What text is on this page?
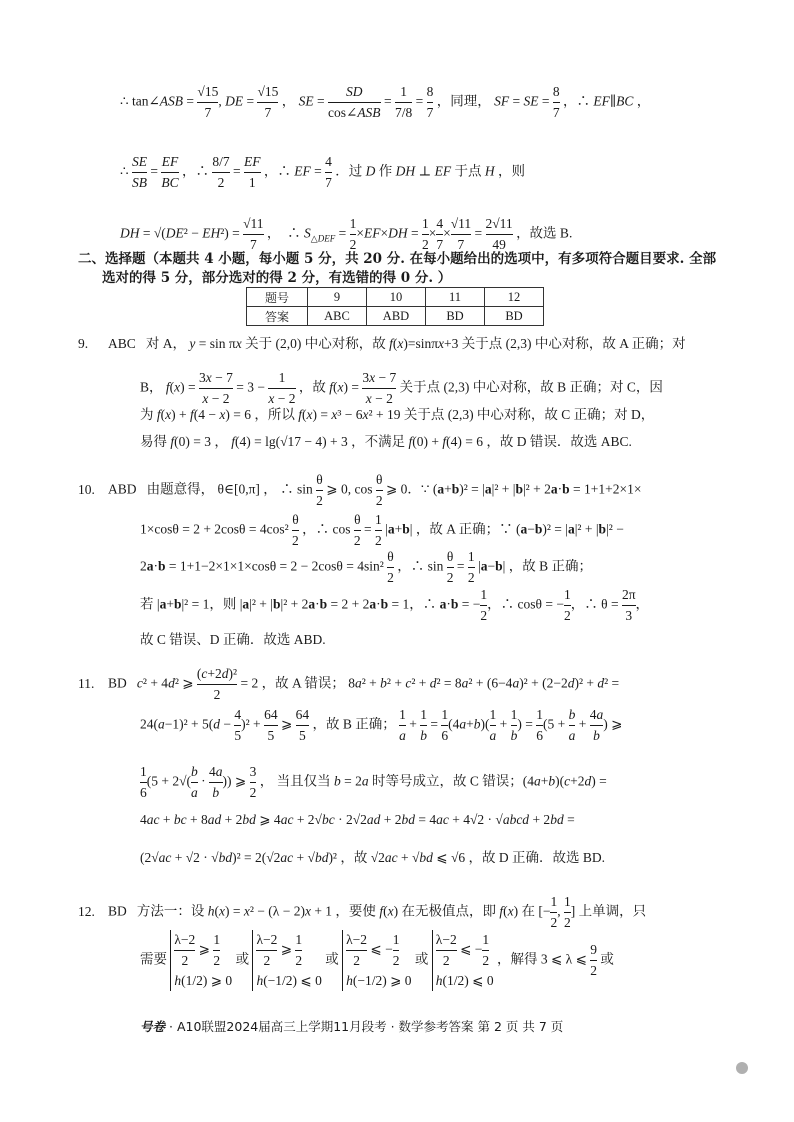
∴ tan∠ASB = $\frac{√15}{7}$ , DE = $\frac{√15}{7}$ ， SE =
SD
cos∠ASB
= $\frac{1}{7/8} = \frac{8}{7}$ ，同理， SF = SE = $\frac{8}{7}$ ，∴ EF∥BC ，
∴ $\frac{SE}{SB} = \frac{EF}{BC}$ ，∴ $\frac{8/7}{2} = \frac{EF}{1}$ ，∴ EF = $\frac{4}{7}$ ．过 D 作 DH ⊥ EF 于点 H ，则
DH = $√(DE^2 - EH^2) = \frac{√11}{7}$ ，  ∴ $S_{\triangle DEF} = \frac{1}{2} \times EF\times DH = \frac{1}{2} \times \frac{4}{7} \times \frac{√11}{7} = \frac{2√11}{49}$ ，故选 B.
二、选择题（本题共 4 小题，每小题 5 分，共 20 分. 在每小题给出的选项中，有多项符合题目要求. 全部
选对的得 5 分，部分选对的得 2 分，有选错的得 0 分. ）
题号	9	10	11	12
答案	ABC	ABD	BD	BD
9. ABC   对 A， y = sin πx 关于 (2,0) 中心对称，故 f(x)=sinπx+3 关于点 (2,3) 中心对称，故 A 正确；对
B， $f(x) = \frac{3x - 7}{x - 2} = 3 - \frac{1}{x - 2}$ ，故 $f(x) = \frac{3x - 7}{x - 2}$ 关于点 (2,3) 中心对称，故 B 正确；对 C，因
为 f(x) + f(4 − x) = 6 ，所以 f(x) = x³ − 6x² + 19 关于点 (2,3) 中心对称，故 C 正确；对 D，
易得 f(0) = 3 ， f(4) = lg(√17 − 4) + 3 ，不满足 f(0) + f(4) = 6 ，故 D 错误．故选 ABC.
10. ABD   由题意得， θ∈[0,π] ， ∴ $\sin \frac{\theta}{2}$ ⩾ 0, $\cos \frac{\theta}{2}$ ⩾ 0．∵ (a+b)² = |a|² + |b|² + 2a·b = 1+1+2×1×
$1\times\cos\theta = 2 + 2\cos\theta = 4\cos^2 \frac{\theta}{2}$ ，∴ $\cos \frac{\theta}{2} = \frac{1}{2} |a+b|$ ，故 A 正确；∵ (a−b)² = |a|² + |b|² −
$2a\cdot b = 1+1-2\times 1\times 1\times\cos\theta = 2 - 2\cos\theta = 4\sin^2 \frac{\theta}{2}$ ，∴ $\sin \frac{\theta}{2} = \frac{1}{2} |a-b|$ ，故 B 正确；
若 |a+b|² = 1，则 |a|² + |b|² + 2a·b = 2 + 2a·b = 1，∴ a·b = − $\frac{1}{2}$ ，∴ cosθ = − $\frac{1}{2}$ ，∴ $\theta = \frac{2\pi}{3}$ ，
故 C 错误、D 正确．故选 ABD.
11. BD   c² + 4d² ⩾ $\frac{\text{(c+2d)²}}{2} = 2$ ，故 A 错误； 8a² + b² + c² + d² = 8a² + (6−4a)² + (2−2d)² + d² =
$24(a-1)^2 + 5(d - \frac{4}{5} )^2 + \frac{64}{5}$ ⩾ $\frac{64}{5}$ ，故 B 正确； $\frac{1}{a} + \frac{1}{b} = \frac{1}{6} (4a+b)( \frac{1}{a} + \frac{1}{b}$ ) = $\frac{1}{6} (5 + \frac{b}{a} + \frac{4a}{b}$ ) ⩾
$\frac{1}{6} (5 + 2√( \frac{b}{a} \cdot \frac{4a}{b}$ )) ⩾ $\frac{3}{2}$ ， 当且仅当 b = 2a 时等号成立，故 C 错误；(4a+b)(c+2d) =
4ac + bc + 8ad + 2bd ⩾ 4ac + 2√bc · 2√2ad + 2bd = 4ac + 4√2 · √abcd + 2bd =
(2√ac + √2 · √bd)² = 2(√2ac + √bd)² ，故 √2ac + √bd ⩽ √6 ，故 D 正确．故选 BD.
12. BD   方法一：设 h(x) = x² − (λ − 2)x + 1 ，要使 f(x) 在无极值点，即 f(x) 在 [− $\frac{1}{2}$ , $\frac{1}{2}$ ] 上单调，只
需要 $\frac{\lambda-2}{2}$ ⩾ $\frac{1}{2}$
h(1/2) ⩾ 0
或 $\frac{\lambda-2}{2}$ ⩾ $\frac{1}{2}$
h(−1/2) ⩽ 0
或 $\frac{\lambda-2}{2}$ ⩽ − $\frac{1}{2}$
h(−1/2) ⩾ 0
或 $\frac{\lambda-2}{2}$ ⩽ − $\frac{1}{2}$
h(1/2) ⩽ 0
，解得 3 ⩽ λ ⩽ $\frac{9}{2}$ 或
号卷 · A10联盟2024届高三上学期11月段考 · 数学参考答案 第 2 页 共 7 页
